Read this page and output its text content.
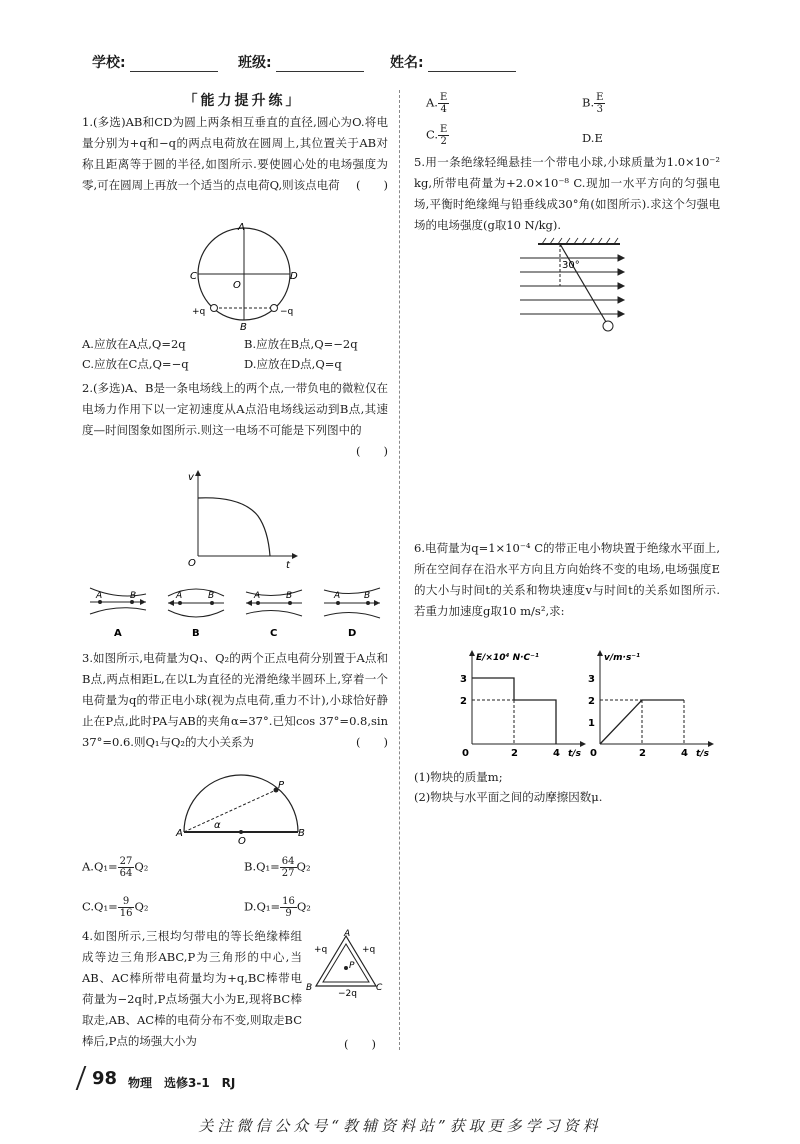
学校:	班级:	姓名:
「能力提升练」
1.(多选)AB和CD为圆上两条相互垂直的直径,圆心为O.将电量分别为+q和−q的两点电荷放在圆周上,其位置关于AB对称且距离等于圆的半径,如图所示.要使圆心处的电场强度为零,可在圆周上再放一个适当的点电荷Q,则该点电荷 (　　)
A
B
C	D
O
+q	−q
A.应放在A点,Q=2q	B.应放在B点,Q=−2q
C.应放在C点,Q=−q	D.应放在D点,Q=q
2.(多选)A、B是一条电场线上的两个点,一带负电的微粒仅在电场力作用下以一定初速度从A点沿电场线运动到B点,其速度—时间图象如图所示.则这一电场不可能是下列图中的
(　　)
v
t
O
A	B
A
A	B
B
A	B
C
A	B
D
3.如图所示,电荷量为Q₁、Q₂的两个正点电荷分别置于A点和B点,两点相距L,在以L为直径的光滑绝缘半圆环上,穿着一个电荷量为q的带正电小球(视为点电荷,重力不计),小球恰好静止在P点,此时PA与AB的夹角α=37°.已知cos 37°=0.8,sin 37°=0.6.则Q₁与Q₂的大小关系为	(　　)
A	B
O
P
α
$A.Q_1= \frac{27}{64} Q_2$	$B.Q_1= \frac{64}{27} Q_2$
$C.Q_1= \frac{9}{16} Q_2$	$D.Q_1= \frac{16}{9} Q_2$
4.如图所示,三根均匀带电的等长绝缘棒组成等边三角形ABC,P为三角形的中心,当AB、AC棒所带电荷量均为+q,BC棒带电荷量为−2q时,P点场强大小为E,现将BC棒取走,AB、AC棒的电荷分布不变,则取走BC棒后,P点的场强大小为	(　　)
A
B	C
P
+q	+q
−2q
A. $\frac{E}{4}$	B. $\frac{E}{3}$
C. $\frac{E}{2}$	D.E
5.用一条绝缘轻绳悬挂一个带电小球,小球质量为1.0×10⁻² kg,所带电荷量为+2.0×10⁻⁸ C.现加一水平方向的匀强电场,平衡时绝缘绳与铅垂线成30°角(如图所示).求这个匀强电场的电场强度(g取10 N/kg).
30°
6.电荷量为q=1×10⁻⁴ C的带正电小物块置于绝缘水平面上,所在空间存在沿水平方向且方向始终不变的电场,电场强度E的大小与时间t的关系和物块速度v与时间t的关系如图所示.若重力加速度g取10 m/s²,求:
E/×10⁴ N·C⁻¹
t/s
0	2	4
2
3
v/m·s⁻¹
t/s
0	2	4
1
2
3
(1)物块的质量m;
(2)物块与水平面之间的动摩擦因数μ.
98 物理　选修3-1　RJ
关注微信公众号“教辅资料站”获取更多学习资料
